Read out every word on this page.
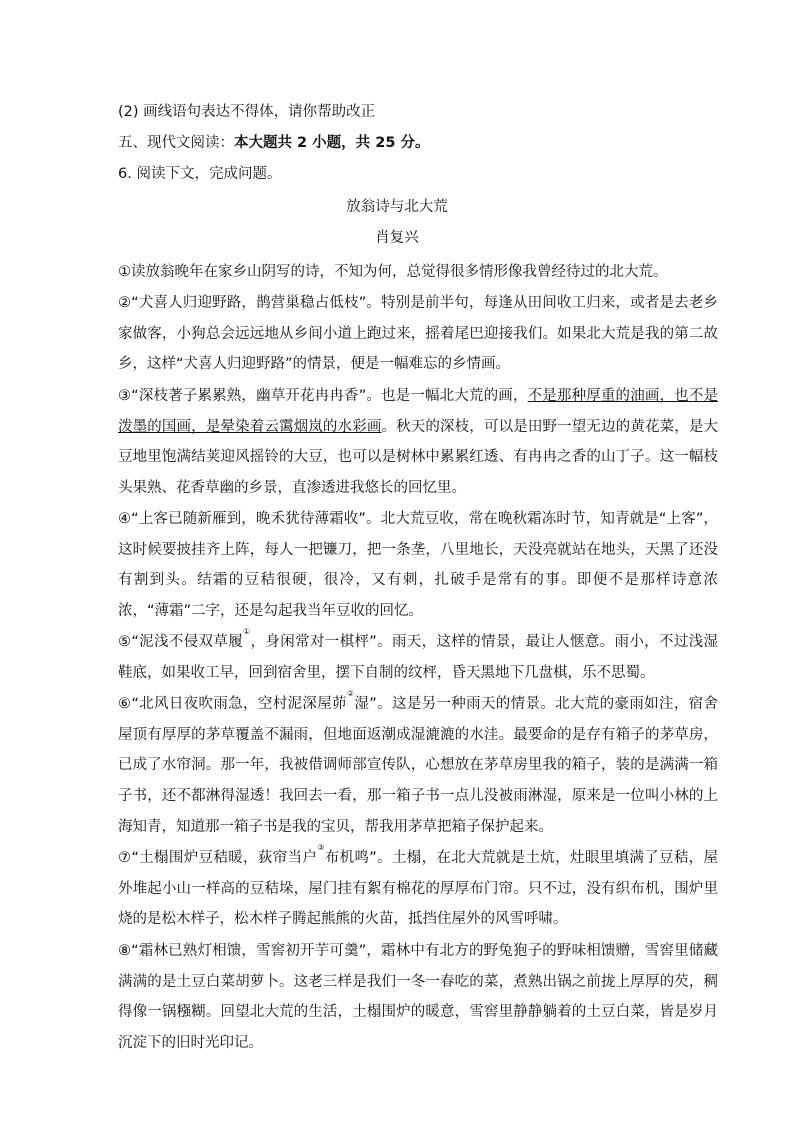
(2) 画线语句表达不得体，请你帮助改正
五、现代文阅读：本大题共 2 小题，共 25 分。
6. 阅读下文，完成问题。
放翁诗与北大荒
肖复兴
①读放翁晚年在家乡山阴写的诗，不知为何，总觉得很多情形像我曾经待过的北大荒。
②“犬喜人归迎野路，鹊营巢稳占低枝”。特别是前半句，每逢从田间收工归来，或者是去老乡家做客，小狗总会远远地从乡间小道上跑过来，摇着尾巴迎接我们。如果北大荒是我的第二故乡，这样“犬喜人归迎野路”的情景，便是一幅难忘的乡情画。
③“深枝著子累累熟，幽草开花冉冉香”。也是一幅北大荒的画，不是那种厚重的油画，也不是泼墨的国画，是晕染着云霭烟岚的水彩画。秋天的深枝，可以是田野一望无边的黄花菜，是大豆地里饱满结荚迎风摇铃的大豆，也可以是树林中累累红透、有冉冉之香的山丁子。这一幅枝头果熟、花香草幽的乡景，直渗透进我悠长的回忆里。
④“上客已随新雁到，晚禾犹待薄霜收”。北大荒豆收，常在晚秋霜冻时节，知青就是“上客”，这时候要披挂齐上阵，每人一把镰刀，把一条垄，八里地长，天没亮就站在地头，天黑了还没有割到头。结霜的豆秸很硬，很冷，又有刺，扎破手是常有的事。即便不是那样诗意浓浓，“薄霜”二字，还是勾起我当年豆收的回忆。
⑤“泥浅不侵双草履①，身闲常对一棋枰”。雨天，这样的情景，最让人惬意。雨小，不过浅湿鞋底，如果收工早，回到宿舍里，摆下自制的纹枰，昏天黑地下几盘棋，乐不思蜀。
⑥“北风日夜吹雨急，空村泥深屋茆②湿”。这是另一种雨天的情景。北大荒的豪雨如注，宿舍屋顶有厚厚的茅草覆盖不漏雨，但地面返潮成湿漉漉的水洼。最要命的是存有箱子的茅草房，已成了水帘洞。那一年，我被借调师部宣传队，心想放在茅草房里我的箱子，装的是满满一箱子书，还不都淋得湿透！我回去一看，那一箱子书一点儿没被雨淋湿，原来是一位叫小林的上海知青，知道那一箱子书是我的宝贝，帮我用茅草把箱子保护起来。
⑦“土榻围炉豆秸暖，荻帘当户③布机鸣”。土榻，在北大荒就是土炕，灶眼里填满了豆秸，屋外堆起小山一样高的豆秸垛，屋门挂有絮有棉花的厚厚布门帘。只不过，没有织布机，围炉里烧的是松木样子，松木样子腾起熊熊的火苗，抵挡住屋外的风雪呼啸。
⑧“霜林已熟灯相馈，雪窖初开芋可羹”，霜林中有北方的野兔狍子的野味相馈赠，雪窖里储藏满满的是土豆白菜胡萝卜。这老三样是我们一冬一春吃的菜，煮熟出锅之前拢上厚厚的芡，稠得像一锅糨糊。回望北大荒的生活，土榻围炉的暖意，雪窖里静静躺着的土豆白菜，皆是岁月沉淀下的旧时光印记。
